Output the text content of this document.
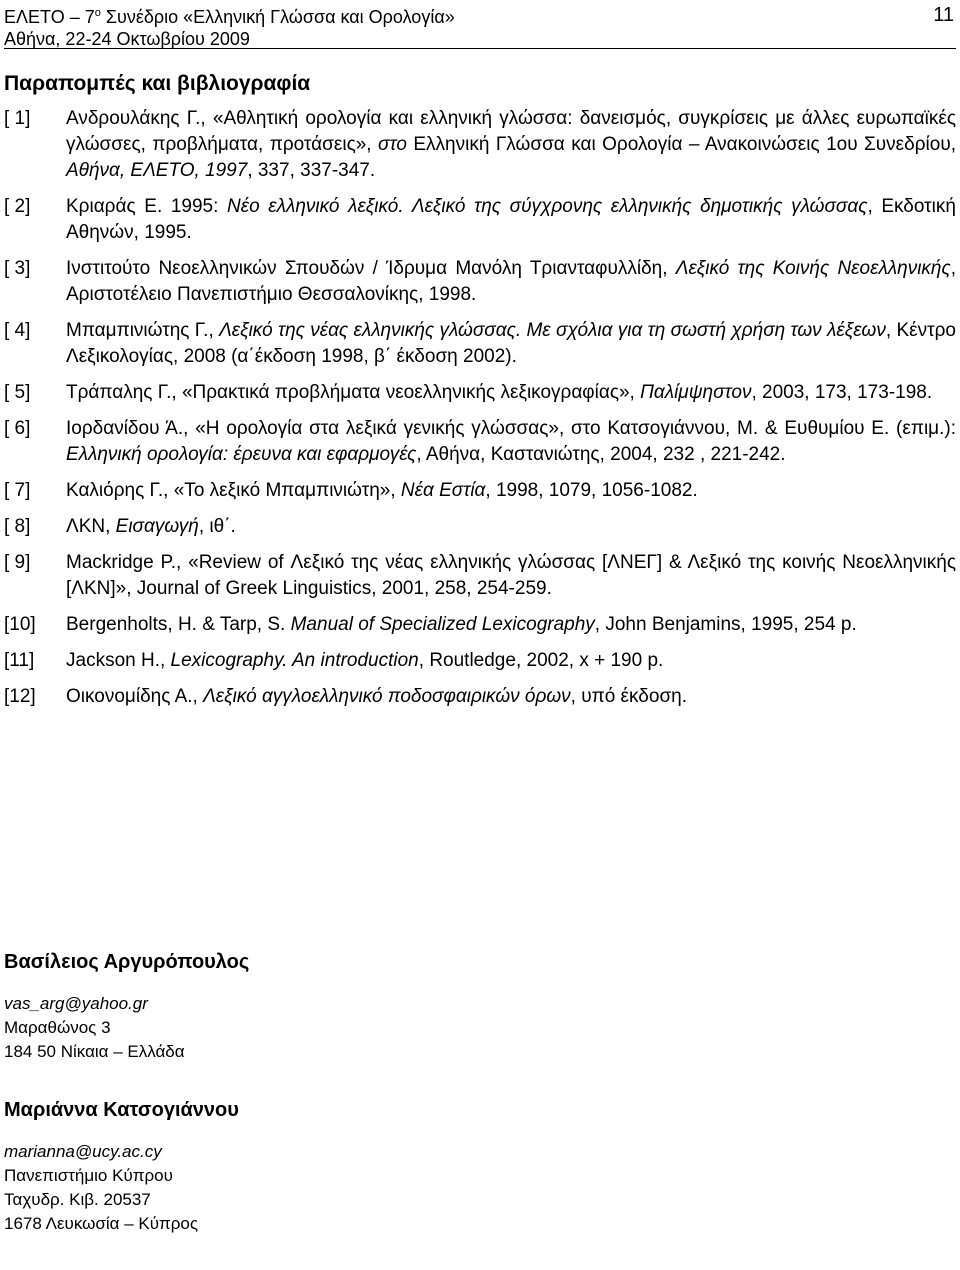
ΕΛΕΤΟ – $7^o$ Συνέδριο «Ελληνική Γλώσσα και Ορολογία»
Αθήνα, 22-24 Οκτωβρίου 2009
11
Παραπομπές και βιβλιογραφία
[ 1] Ανδρουλάκης Γ., «Αθλητική ορολογία και ελληνική γλώσσα: δανεισμός, συγκρίσεις με άλλες ευρωπαϊκές γλώσσες, προβλήματα, προτάσεις», στο Ελληνική Γλώσσα και Ορολογία – Ανακοινώσεις 1ου Συνεδρίου, Αθήνα, ΕΛΕΤΟ, 1997, 337, 337-347.
[ 2] Κριαράς Ε. 1995: Νέο ελληνικό λεξικό. Λεξικό της σύγχρονης ελληνικής δημοτικής γλώσσας, Εκδοτική Αθηνών, 1995.
[ 3] Ινστιτούτο Νεοελληνικών Σπουδών / Ίδρυμα Μανόλη Τριανταφυλλίδη, Λεξικό της Κοινής Νεοελληνικής, Αριστοτέλειο Πανεπιστήμιο Θεσσαλονίκης, 1998.
[ 4] Μπαμπινιώτης Γ., Λεξικό της νέας ελληνικής γλώσσας. Με σχόλια για τη σωστή χρήση των λέξεων, Κέντρο Λεξικολογίας, 2008 (α΄έκδοση 1998, β΄ έκδοση 2002).
[ 5] Τράπαλης Γ., «Πρακτικά προβλήματα νεοελληνικής λεξικογραφίας», Παλίμψηστον, 2003, 173, 173-198.
[ 6] Ιορδανίδου Ά., «Η ορολογία στα λεξικά γενικής γλώσσας», στο Κατσογιάννου, Μ. & Ευθυμίου Ε. (επιμ.): Ελληνική ορολογία: έρευνα και εφαρμογές, Αθήνα, Καστανιώτης, 2004, 232 , 221-242.
[ 7] Καλιόρης Γ., «Το λεξικό Μπαμπινιώτη», Νέα Εστία, 1998, 1079, 1056-1082.
[ 8] ΛΚΝ, Εισαγωγή, ιθ΄.
[ 9] Mackridge P., «Review of Λεξικό της νέας ελληνικής γλώσσας [ΛΝΕΓ] & Λεξικό της κοινής Νεοελληνικής [ΛΚΝ]», Journal of Greek Linguistics, 2001, 258, 254-259.
[10] Bergenholts, H. & Tarp, S. Manual of Specialized Lexicography, John Benjamins, 1995, 254 p.
[11] Jackson H., Lexicography. An introduction, Routledge, 2002, x + 190 p.
[12] Οικονομίδης Α., Λεξικό αγγλοελληνικό ποδοσφαιρικών όρων, υπό έκδοση.
Βασίλειος Αργυρόπουλος
vas_arg@yahoo.gr
Μαραθώνος 3
184 50 Νίκαια – Ελλάδα
Μαριάννα Κατσογιάννου
marianna@ucy.ac.cy
Πανεπιστήμιο Κύπρου
Ταχυδρ. Κιβ. 20537
1678 Λευκωσία – Κύπρος
